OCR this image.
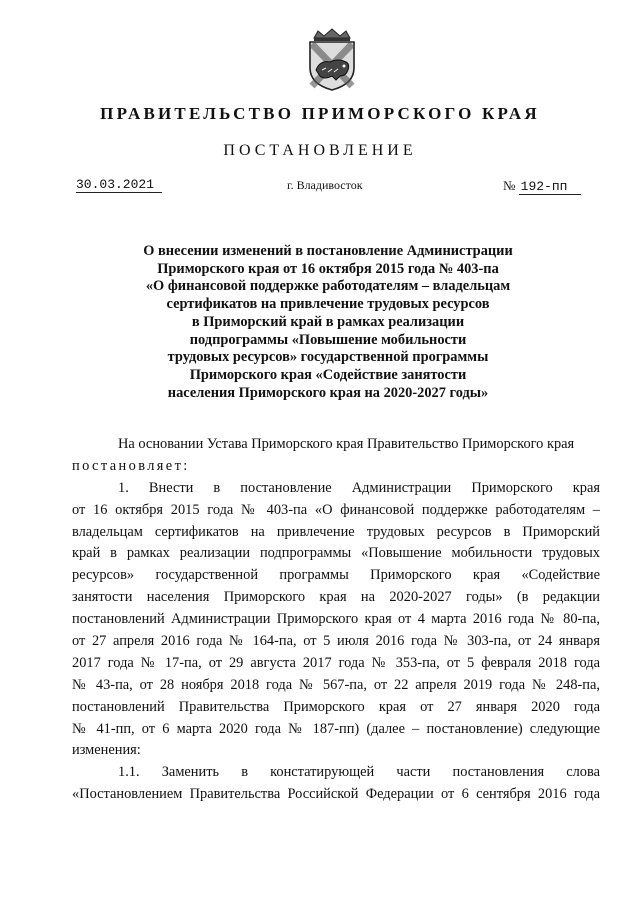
ПРАВИТЕЛЬСТВО ПРИМОРСКОГО КРАЯ
ПОСТАНОВЛЕНИЕ
30.03.2021	г. Владивосток	№ 192-пп
О внесении изменений в постановление Администрации
Приморского края от 16 октября 2015 года № 403-па
«О финансовой поддержке работодателям – владельцам
сертификатов на привлечение трудовых ресурсов
в Приморский край в рамках реализации
подпрограммы «Повышение мобильности
трудовых ресурсов» государственной программы
Приморского края «Содействие занятости
населения Приморского края на 2020-2027 годы»
На основании Устава Приморского края Правительство Приморского края
постановляет:
1. Внести в постановление Администрации Приморского края
от 16 октября 2015 года № 403-па «О финансовой поддержке работодателям –
владельцам сертификатов на привлечение трудовых ресурсов в Приморский
край в рамках реализации подпрограммы «Повышение мобильности трудовых
ресурсов» государственной программы Приморского края «Содействие
занятости населения Приморского края на 2020-2027 годы» (в редакции
постановлений Администрации Приморского края от 4 марта 2016 года № 80-па,
от 27 апреля 2016 года № 164-па, от 5 июля 2016 года № 303-па, от 24 января
2017 года № 17-па, от 29 августа 2017 года № 353-па, от 5 февраля 2018 года
№ 43-па, от 28 ноября 2018 года № 567-па, от 22 апреля 2019 года № 248-па,
постановлений Правительства Приморского края от 27 января 2020 года
№ 41-пп, от 6 марта 2020 года № 187-пп) (далее – постановление) следующие
изменения:
1.1. Заменить в констатирующей части постановления слова
«Постановлением Правительства Российской Федерации от 6 сентября 2016 года
